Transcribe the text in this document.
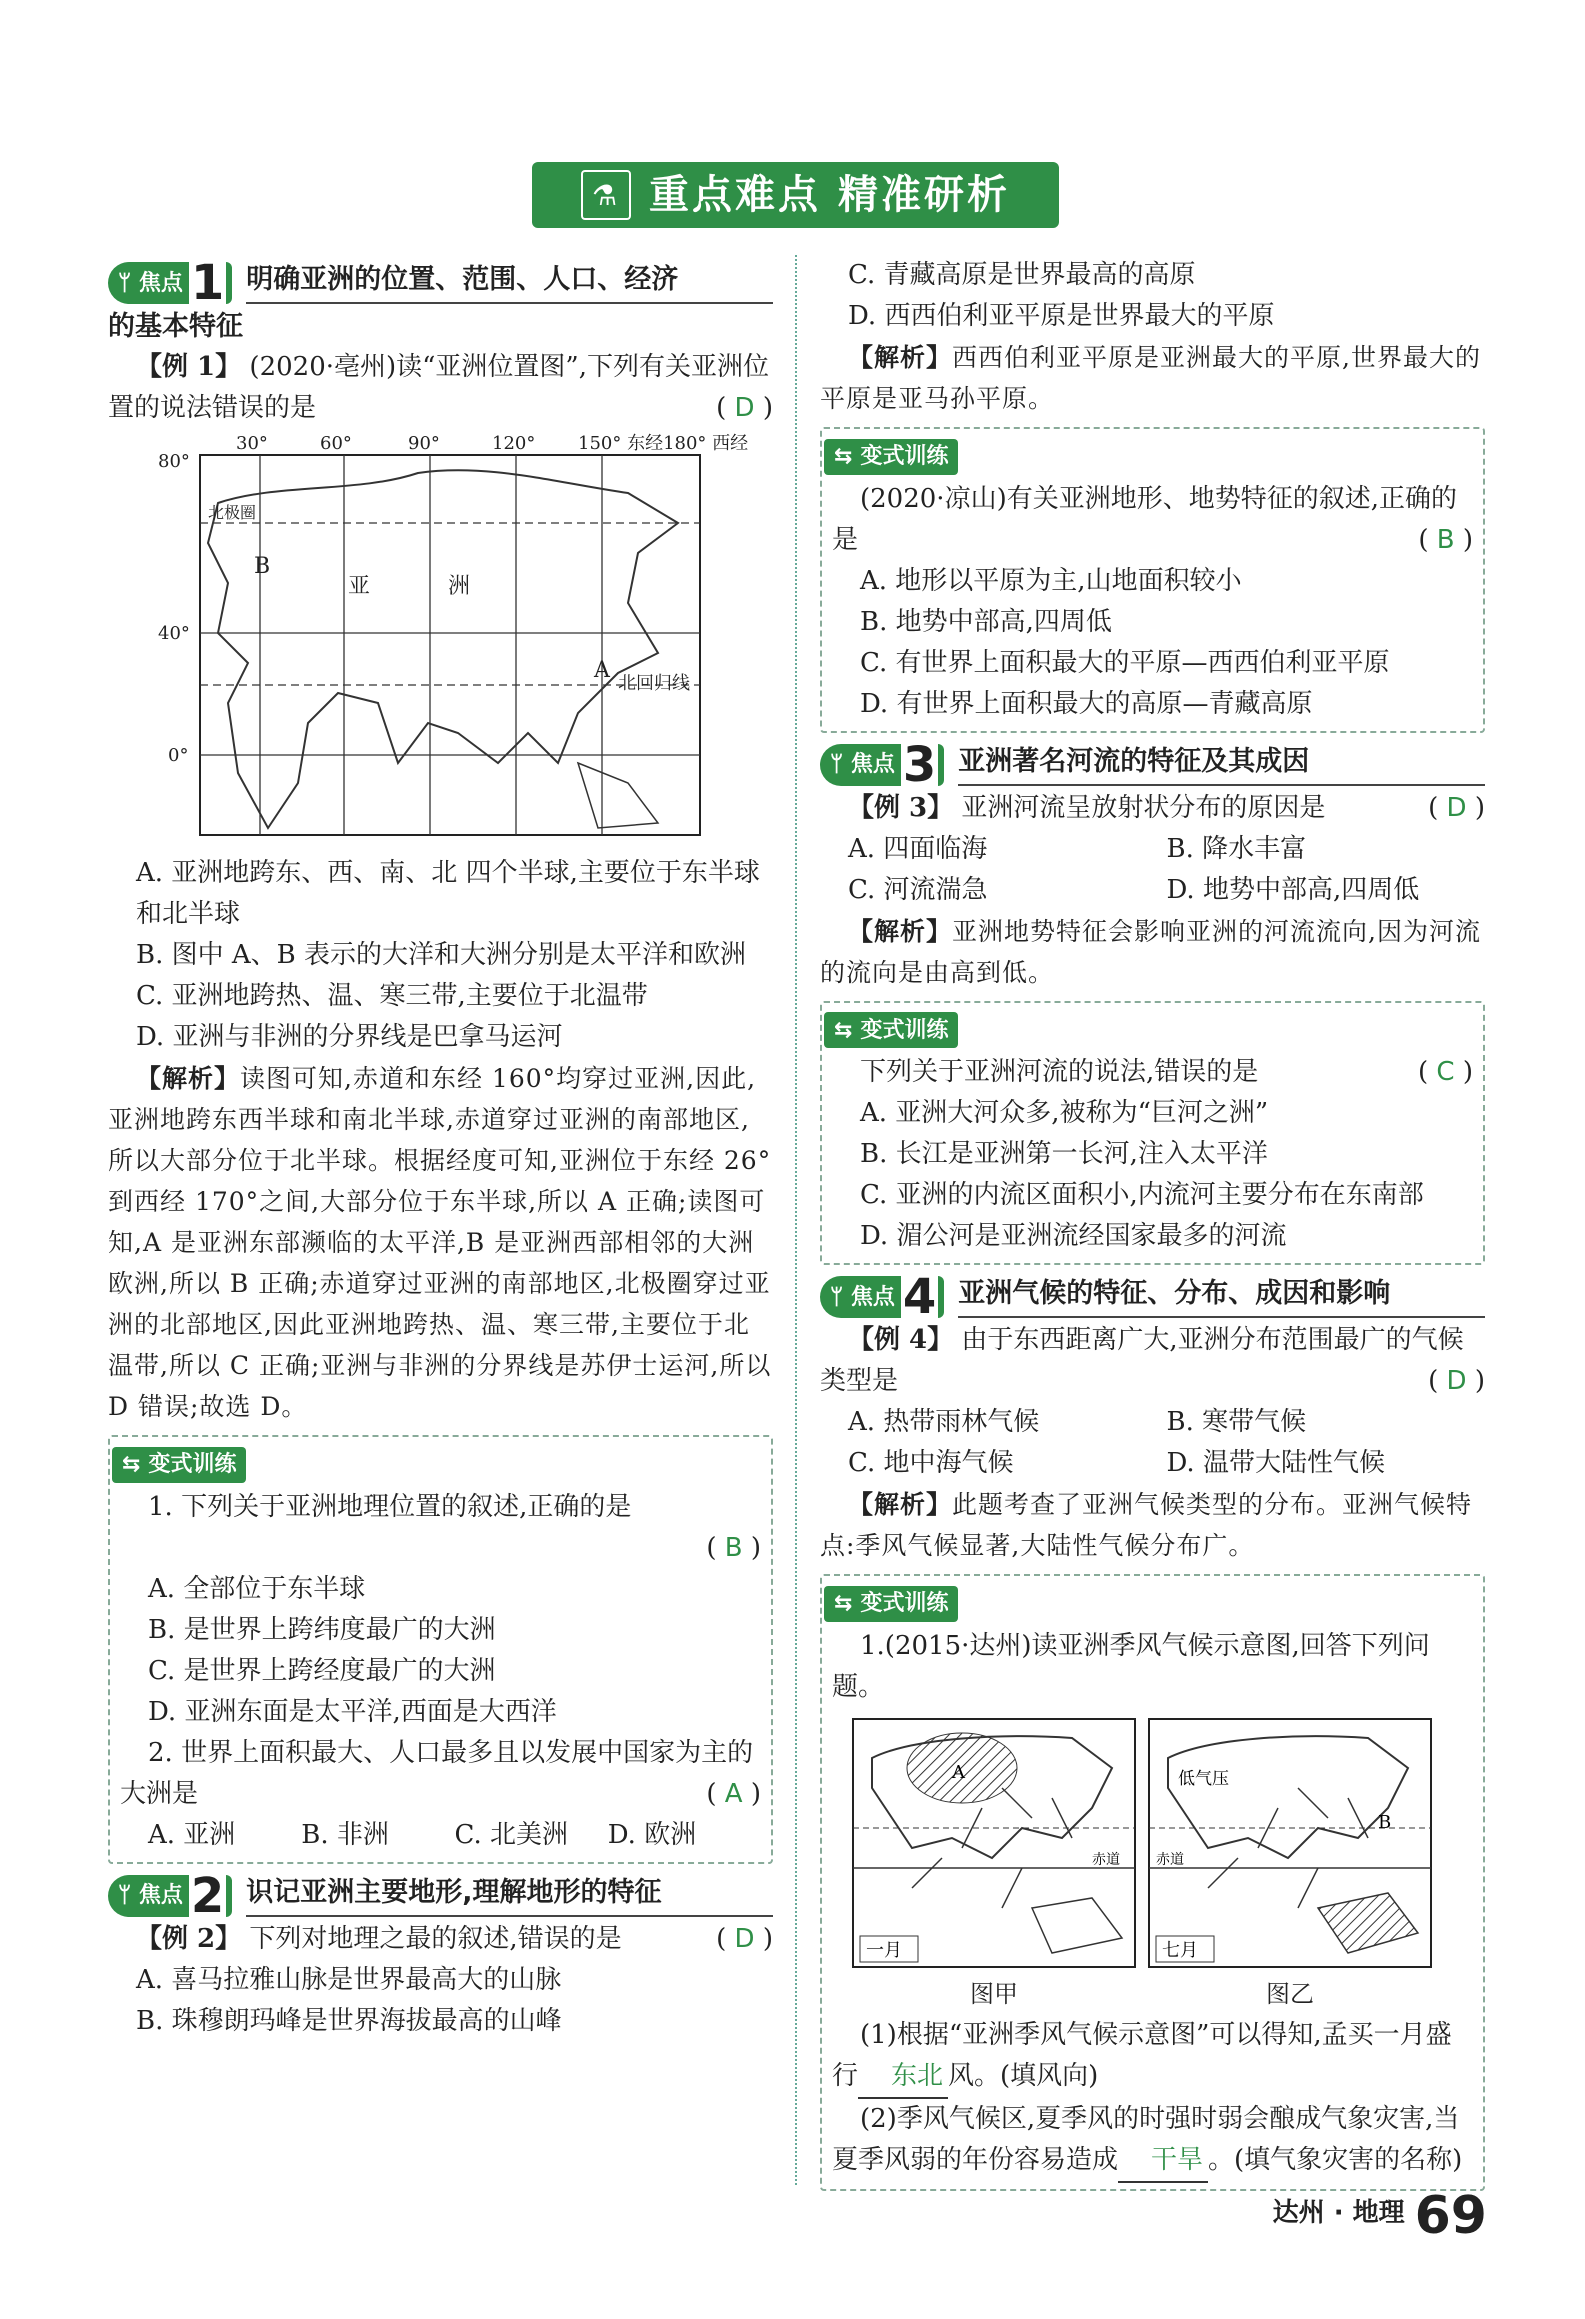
⚗ 重点难点 精准研析
ᛘ
焦点 1 明确亚洲的位置、范围、人口、经济
的基本特征

【例 1】 (2020·亳州)读“亚洲位置图”,下列有关亚洲位置的说法错误的是	( D )

30°	60°	90°	120° 150° 东经180° 西经
80°
40°
0°
北极圈
北回归线
A
B
亚	洲

A. 亚洲地跨东、西、南、北 四个半球,主要位于东半球和北半球

B. 图中 A、B 表示的大洋和大洲分别是太平洋和欧洲

C. 亚洲地跨热、温、寒三带,主要位于北温带

D. 亚洲与非洲的分界线是巴拿马运河

【解析】读图可知,赤道和东经 160°均穿过亚洲,因此,亚洲地跨东西半球和南北半球,赤道穿过亚洲的南部地区,所以大部分位于北半球。根据经度可知,亚洲位于东经 26°到西经 170°之间,大部分位于东半球,所以 A 正确;读图可知,A 是亚洲东部濒临的太平洋,B 是亚洲西部相邻的大洲欧洲,所以 B 正确;赤道穿过亚洲的南部地区,北极圈穿过亚洲的北部地区,因此亚洲地跨热、温、寒三带,主要位于北温带,所以 C 正确;亚洲与非洲的分界线是苏伊士运河,所以 D 错误;故选 D。

⇆ 变式训练

1. 下列关于亚洲地理位置的叙述,正确的是

( B )

A. 全部位于东半球

B. 是世界上跨纬度最广的大洲

C. 是世界上跨经度最广的大洲

D. 亚洲东面是太平洋,西面是大西洋

2. 世界上面积最大、人口最多且以发展中国家为主的大洲是	( A )

A. 亚洲	B. 非洲	C. 北美洲	D. 欧洲
ᛘ
焦点 2 识记亚洲主要地形,理解地形的特征

【例 2】 下列对地理之最的叙述,错误的是	( D )

A. 喜马拉雅山脉是世界最高大的山脉

B. 珠穆朗玛峰是世界海拔最高的山峰

C. 青藏高原是世界最高的高原

D. 西西伯利亚平原是世界最大的平原

【解析】西西伯利亚平原是亚洲最大的平原,世界最大的平原是亚马孙平原。

⇆ 变式训练

(2020·凉山)有关亚洲地形、地势特征的叙述,正确的是	( B )

A. 地形以平原为主,山地面积较小

B. 地势中部高,四周低

C. 有世界上面积最大的平原—西西伯利亚平原

D. 有世界上面积最大的高原—青藏高原

ᛘ
焦点 3 亚洲著名河流的特征及其成因

【例 3】 亚洲河流呈放射状分布的原因是	( D )

A. 四面临海	B. 降水丰富
C. 河流湍急	D. 地势中部高,四周低

【解析】亚洲地势特征会影响亚洲的河流流向,因为河流的流向是由高到低。

⇆ 变式训练

下列关于亚洲河流的说法,错误的是	( C )

A. 亚洲大河众多,被称为“巨河之洲”

B. 长江是亚洲第一长河,注入太平洋

C. 亚洲的内流区面积小,内流河主要分布在东南部

D. 湄公河是亚洲流经国家最多的河流

ᛘ
焦点 4 亚洲气候的特征、分布、成因和影响

【例 4】 由于东西距离广大,亚洲分布范围最广的气候类型是	( D )

A. 热带雨林气候	B. 寒带气候
C. 地中海气候	D. 温带大陆性气候

【解析】此题考查了亚洲气候类型的分布。亚洲气候特点:季风气候显著,大陆性气候分布广。

⇆ 变式训练

1.(2015·达州)读亚洲季风气候示意图,回答下列问题。

一月
A
赤道
七月
低气压
B
赤道
图甲	图乙

(1)根据“亚洲季风气候示意图”可以得知,孟买一月盛行 东北 风。(填风向)

(2)季风气候区,夏季风的时强时弱会酿成气象灾害,当夏季风弱的年份容易造成 干旱 。(填气象灾害的名称)

达州 · 地理 69
